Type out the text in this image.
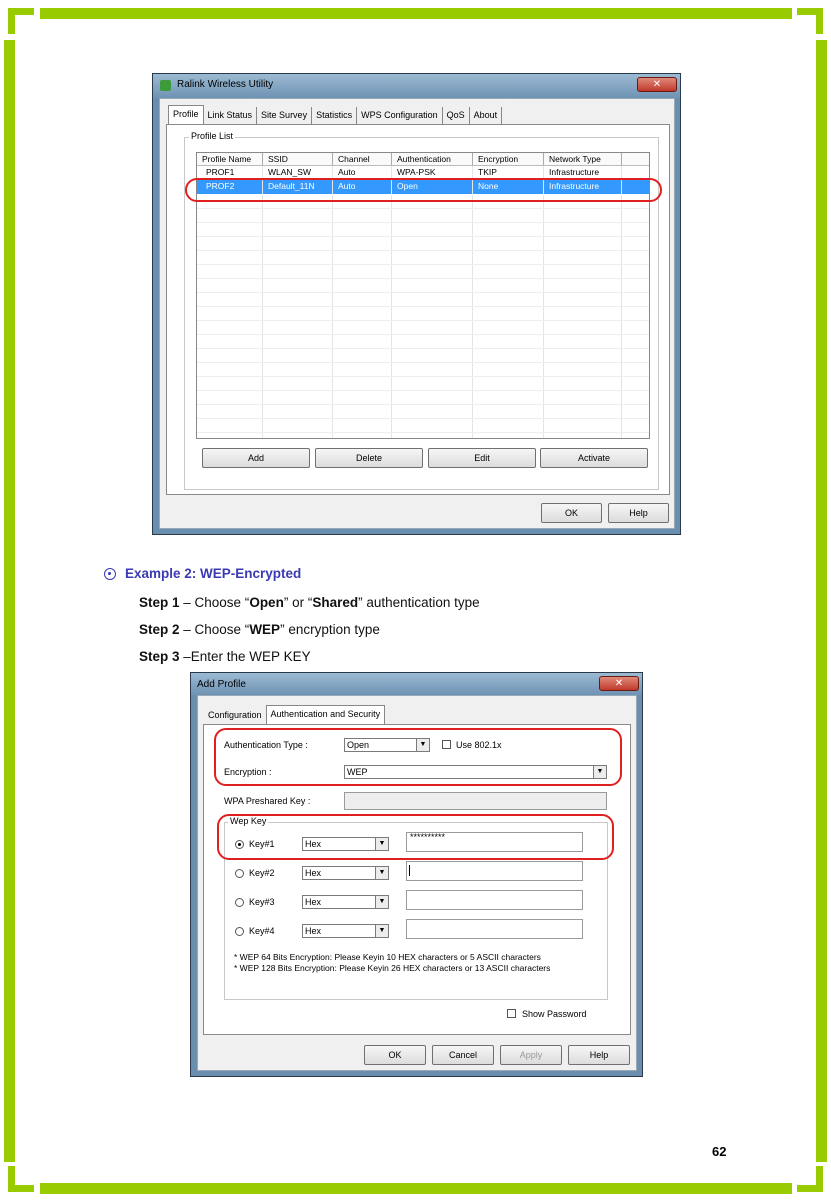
Ralink Wireless Utility	✕
Profile	Link Status	Site Survey	Statistics	WPS Configuration	QoS	About
Profile List
Profile Name	SSID	Channel	Authentication	Encryption	Network Type
PROF1	WLAN_SW	Auto	WPA-PSK	TKIP	Infrastructure
PROF2	Default_11N	Auto	Open	None	Infrastructure
Add	Delete	Edit	Activate
OK	Help
Example 2: WEP-Encrypted
Step 1 – Choose “Open” or “Shared” authentication type
Step 2 – Choose “WEP” encryption type
Step 3 –Enter the WEP KEY
Add Profile	✕
Configuration	Authentication and Security
Authentication Type :	Open	▼	Use 802.1x
Encryption :	WEP	▼
WPA Preshared Key :
Wep Key
Key#1	Hex	▼
**********
Key#2	Hex	▼
Key#3	Hex	▼
Key#4	Hex	▼
* WEP 64 Bits Encryption: Please Keyin 10 HEX characters or 5 ASCII characters
* WEP 128 Bits Encryption: Please Keyin 26 HEX characters or 13 ASCII characters
Show Password
OK	Cancel	Apply	Help
62
